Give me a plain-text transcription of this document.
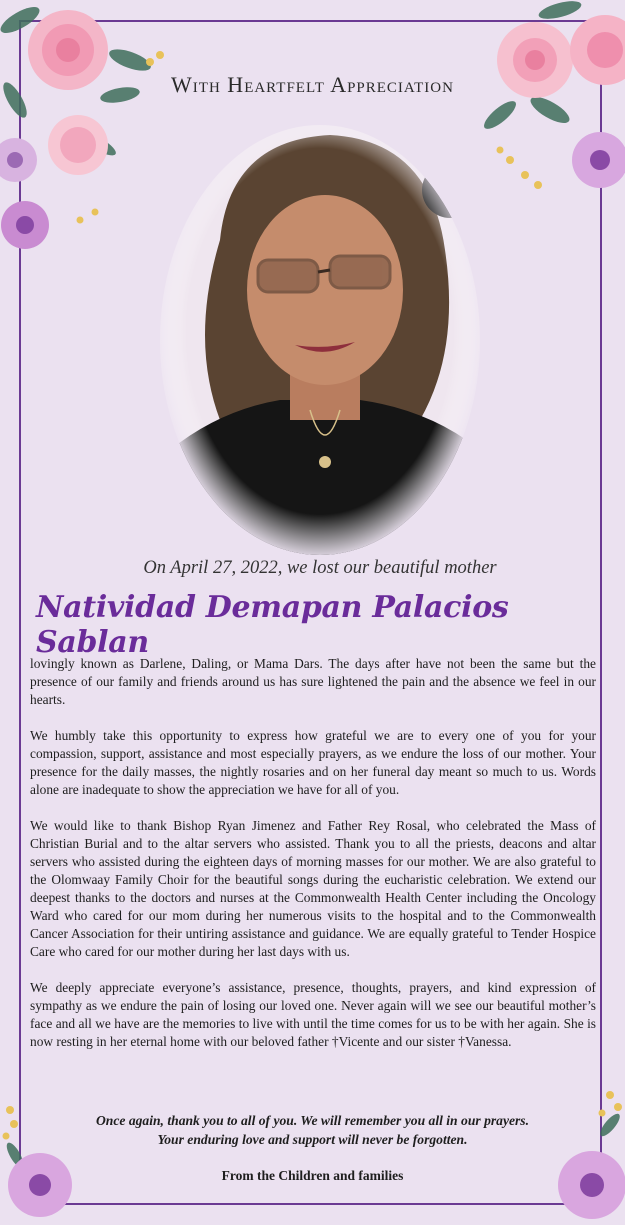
With Heartfelt Appreciation
On April 27, 2022, we lost our beautiful mother
Natividad Demapan Palacios Sablan

lovingly known as Darlene, Daling, or Mama Dars. The days after have not been the same but the presence of our family and friends around us has sure lightened the pain and the absence we feel in our hearts.

We humbly take this opportunity to express how grateful we are to every one of you for your compassion, support, assistance and most especially prayers, as we endure the loss of our mother. Your presence for the daily masses, the nightly rosaries and on her funeral day meant so much to us. Words alone are inadequate to show the appreciation we have for all of you.

We would like to thank Bishop Ryan Jimenez and Father Rey Rosal, who celebrated the Mass of Christian Burial and to the altar servers who assisted. Thank you to all the priests, deacons and altar servers who assisted during the eighteen days of morning masses for our mother. We are also grateful to the Olomwaay Family Choir for the beautiful songs during the eucharistic celebration. We extend our deepest thanks to the doctors and nurses at the Commonwealth Health Center including the Oncology Ward who cared for our mom during her numerous visits to the hospital and to the Commonwealth Cancer Association for their untiring assistance and guidance. We are equally grateful to Tender Hospice Care who cared for our mother during her last days with us.

We deeply appreciate everyone’s assistance, presence, thoughts, prayers, and kind expression of sympathy as we endure the pain of losing our loved one. Never again will we see our beautiful mother’s face and all we have are the memories to live with until the time comes for us to be with her again. She is now resting in her eternal home with our beloved father †Vicente and our sister †Vanessa.

Once again, thank you to all of you. We will remember you all in our prayers.
Your enduring love and support will never be forgotten.
From the Children and families
